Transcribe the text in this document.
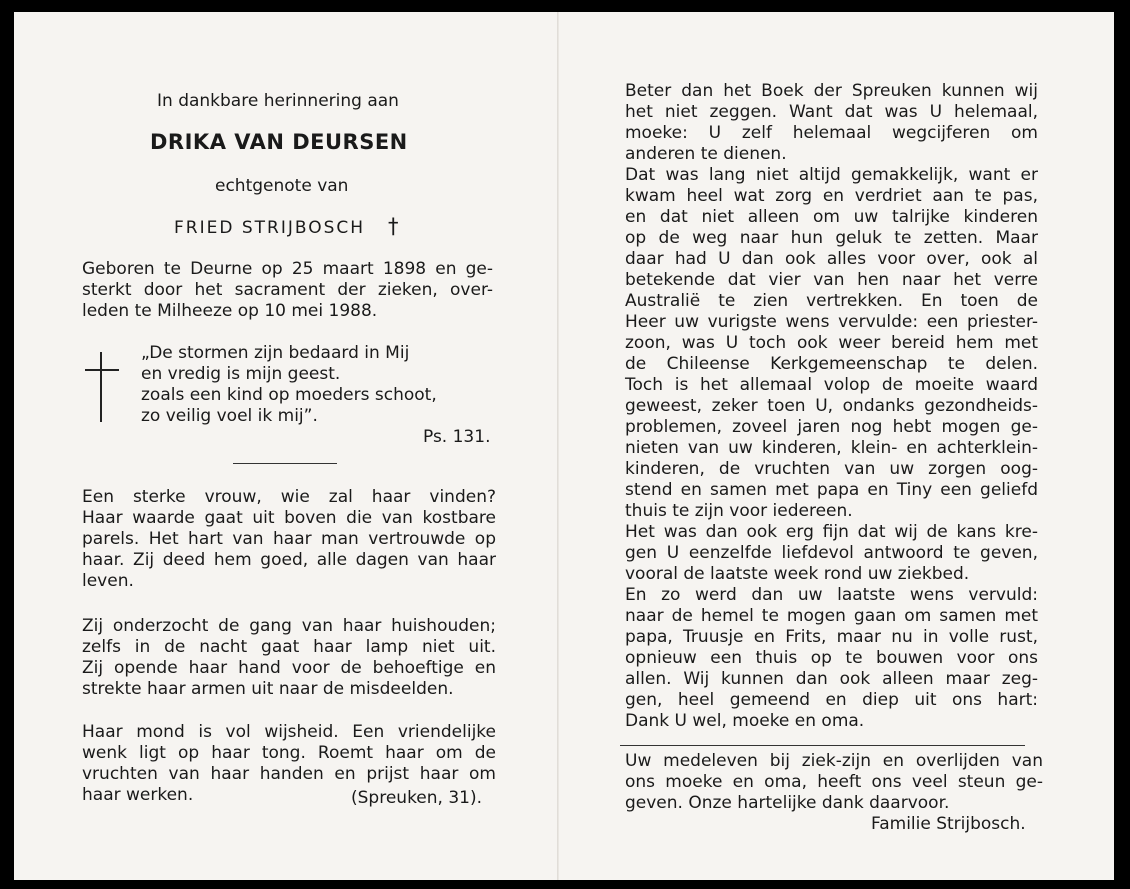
In dankbare herinnering aan
DRIKA VAN DEURSEN
echtgenote van
FRIED STRIJBOSCH	†
Ps. 131.
(Spreuken, 31).
Familie Strijbosch.
Geboren te Deurne op 25 maart 1898 en ge-
sterkt door het sacrament der zieken, over-
leden te Milheeze op 10 mei 1988.
„De stormen zijn bedaard in Mij
en vredig is mijn geest.
zoals een kind op moeders schoot,
zo veilig voel ik mij”.
Een sterke vrouw, wie zal haar vinden?
Haar waarde gaat uit boven die van kostbare
parels. Het hart van haar man vertrouwde op
haar. Zij deed hem goed, alle dagen van haar
leven.
Zij onderzocht de gang van haar huishouden;
zelfs in de nacht gaat haar lamp niet uit.
Zij opende haar hand voor de behoeftige en
strekte haar armen uit naar de misdeelden.
Haar mond is vol wijsheid. Een vriendelijke
wenk ligt op haar tong. Roemt haar om de
vruchten van haar handen en prijst haar om
haar werken.
Beter dan het Boek der Spreuken kunnen wij
het niet zeggen. Want dat was U helemaal,
moeke: U zelf helemaal wegcijferen om
anderen te dienen.
Dat was lang niet altijd gemakkelijk, want er
kwam heel wat zorg en verdriet aan te pas,
en dat niet alleen om uw talrijke kinderen
op de weg naar hun geluk te zetten. Maar
daar had U dan ook alles voor over, ook al
betekende dat vier van hen naar het verre
Australië te zien vertrekken. En toen de
Heer uw vurigste wens vervulde: een priester-
zoon, was U toch ook weer bereid hem met
de Chileense Kerkgemeenschap te delen.
Toch is het allemaal volop de moeite waard
geweest, zeker toen U, ondanks gezondheids-
problemen, zoveel jaren nog hebt mogen ge-
nieten van uw kinderen, klein- en achterklein-
kinderen, de vruchten van uw zorgen oog-
stend en samen met papa en Tiny een geliefd
thuis te zijn voor iedereen.
Het was dan ook erg fijn dat wij de kans kre-
gen U eenzelfde liefdevol antwoord te geven,
vooral de laatste week rond uw ziekbed.
En zo werd dan uw laatste wens vervuld:
naar de hemel te mogen gaan om samen met
papa, Truusje en Frits, maar nu in volle rust,
opnieuw een thuis op te bouwen voor ons
allen. Wij kunnen dan ook alleen maar zeg-
gen, heel gemeend en diep uit ons hart:
Dank U wel, moeke en oma.
Uw medeleven bij ziek-zijn en overlijden van
ons moeke en oma, heeft ons veel steun ge-
geven. Onze hartelijke dank daarvoor.
